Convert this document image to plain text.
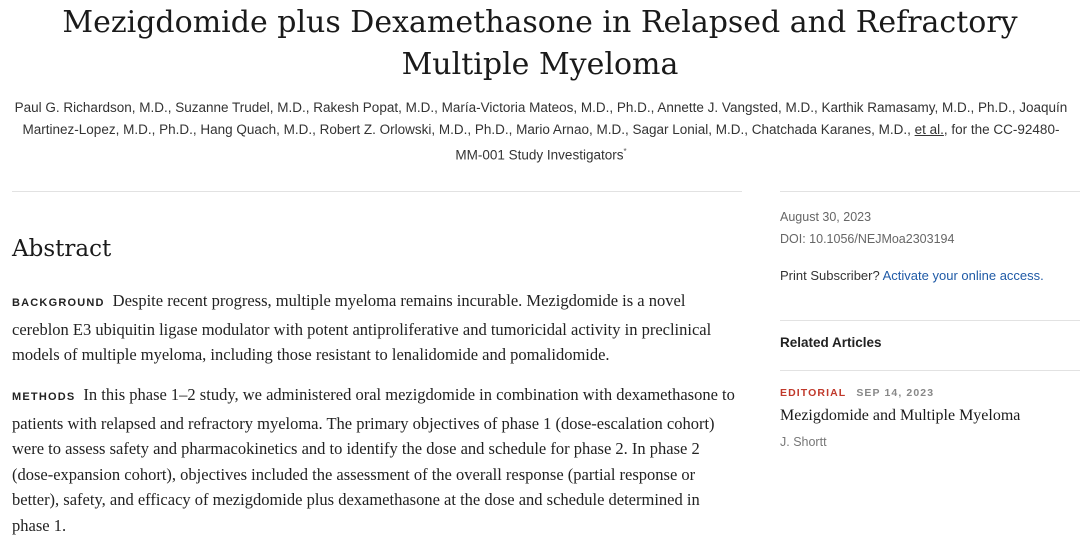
Mezigdomide plus Dexamethasone in Relapsed and Refractory Multiple Myeloma

Paul G. Richardson, M.D., Suzanne Trudel, M.D., Rakesh Popat, M.D., María-Victoria Mateos, M.D., Ph.D., Annette J. Vangsted, M.D., Karthik Ramasamy, M.D., Ph.D., Joaquín Martinez-Lopez, M.D., Ph.D., Hang Quach, M.D., Robert Z. Orlowski, M.D., Ph.D., Mario Arnao, M.D., Sagar Lonial, M.D., Chatchada Karanes, M.D., et al., for the CC-92480-MM-001 Study Investigators*

Abstract

BACKGROUND Despite recent progress, multiple myeloma remains incurable. Mezigdomide is a novel cereblon E3 ubiquitin ligase modulator with potent antiproliferative and tumoricidal activity in preclinical models of multiple myeloma, including those resistant to lenalidomide and pomalidomide.

METHODS In this phase 1–2 study, we administered oral mezigdomide in combination with dexamethasone to patients with relapsed and refractory myeloma. The primary objectives of phase 1 (dose-escalation cohort) were to assess safety and pharmacokinetics and to identify the dose and schedule for phase 2. In phase 2 (dose-expansion cohort), objectives included the assessment of the overall response (partial response or better), safety, and efficacy of mezigdomide plus dexamethasone at the dose and schedule determined in phase 1.

August 30, 2023

DOI: 10.1056/NEJMoa2303194

Print Subscriber? Activate your online access.
Related Articles
EDITORIAL SEP 14, 2023
Mezigdomide and Multiple Myeloma
J. Shortt
